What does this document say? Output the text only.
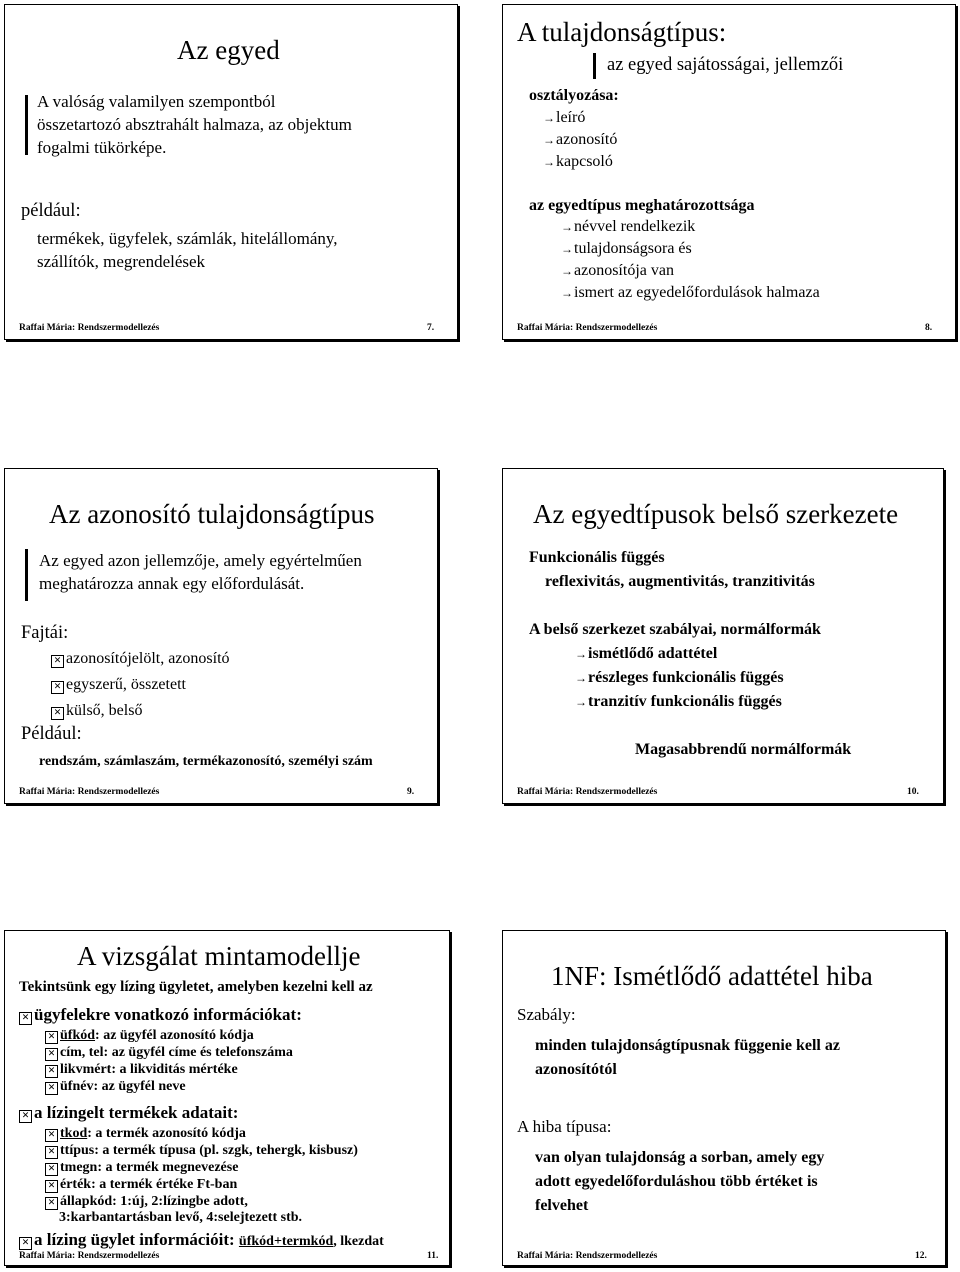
Az egyed
A valóság valamilyen szempontból
összetartozó absztrahált halmaza, az objektum
fogalmi tükörképe.
például:
termékek, ügyfelek, számlák, hitelállomány,
szállítók, megrendelések
Raffai Mária: Rendszermodellezés	7.
A tulajdonságtípus:
az egyed sajátosságai, jellemzői
osztályozása:
→leíró
→azonosító
→kapcsoló
az egyedtípus meghatározottsága
→névvel rendelkezik
→tulajdonságsora és
→azonosítója van
→ismert az egyedelőfordulások halmaza
Raffai Mária: Rendszermodellezés	8.
Az azonosító tulajdonságtípus
Az egyed azon jellemzője, amely egyértelműen
meghatározza annak egy előfordulását.
Fajtái:
✕ azonosítójelölt, azonosító
✕ egyszerű, összetett
✕ külső, belső
Például:
rendszám, számlaszám, termékazonosító, személyi szám
Raffai Mária: Rendszermodellezés	9.
Az egyedtípusok belső szerkezete
Funkcionális függés
reflexivitás, augmentivitás, tranzitivitás
A belső szerkezet szabályai, normálformák
→ismétlődő adattétel
→részleges funkcionális függés
→tranzitív funkcionális függés
Magasabbrendű normálformák
Raffai Mária: Rendszermodellezés	10.
A vizsgálat mintamodellje
Tekintsünk egy lízing ügyletet, amelyben kezelni kell az
✕ ügyfelekre vonatkozó információkat:
✕ üfkód: az ügyfél azonosító kódja
✕ cím, tel: az ügyfél címe és telefonszáma
✕ likvmért: a likviditás mértéke
✕ üfnév: az ügyfél neve
✕ a lízingelt termékek adatait:
✕ tkod: a termék azonosító kódja
✕ ttípus: a termék típusa (pl. szgk, tehergk, kisbusz)
✕ tmegn: a termék megnevezése
✕ érték: a termék értéke Ft-ban
✕ állapkód: 1:új, 2:lízingbe adott,
3:karbantartásban levő, 4:selejtezett stb.
✕ a lízing ügylet információit: üfkód+termkód, lkezdat
Raffai Mária: Rendszermodellezés	11.
1NF: Ismétlődő adattétel hiba
Szabály:
minden tulajdonságtípusnak függenie kell az
azonosítótól
A hiba típusa:
van olyan tulajdonság a sorban, amely egy
adott egyedelőforduláshou több értéket is
felvehet
Raffai Mária: Rendszermodellezés	12.
